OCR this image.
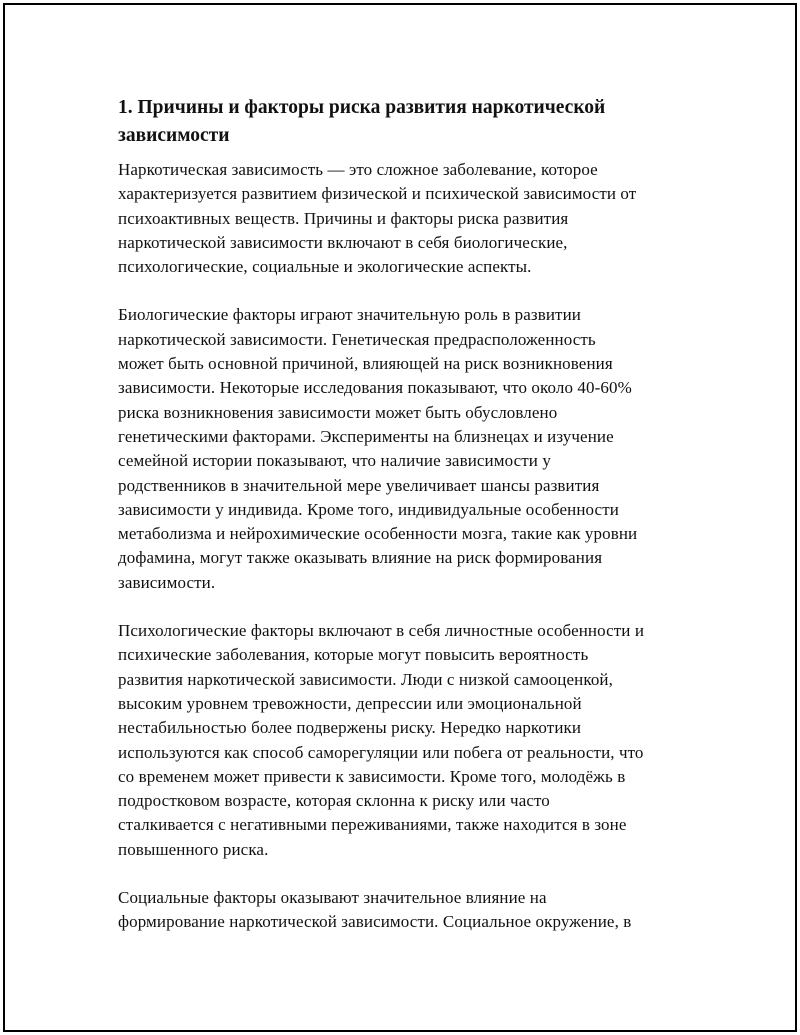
1. Причины и факторы риска развития наркотической
зависимости

Наркотическая зависимость — это сложное заболевание, которое
характеризуется развитием физической и психической зависимости от
психоактивных веществ. Причины и факторы риска развития
наркотической зависимости включают в себя биологические,
психологические, социальные и экологические аспекты.

Биологические факторы играют значительную роль в развитии
наркотической зависимости. Генетическая предрасположенность
может быть основной причиной, влияющей на риск возникновения
зависимости. Некоторые исследования показывают, что около 40-60%
риска возникновения зависимости может быть обусловлено
генетическими факторами. Эксперименты на близнецах и изучение
семейной истории показывают, что наличие зависимости у
родственников в значительной мере увеличивает шансы развития
зависимости у индивида. Кроме того, индивидуальные особенности
метаболизма и нейрохимические особенности мозга, такие как уровни
дофамина, могут также оказывать влияние на риск формирования
зависимости.

Психологические факторы включают в себя личностные особенности и
психические заболевания, которые могут повысить вероятность
развития наркотической зависимости. Люди с низкой самооценкой,
высоким уровнем тревожности, депрессии или эмоциональной
нестабильностью более подвержены риску. Нередко наркотики
используются как способ саморегуляции или побега от реальности, что
со временем может привести к зависимости. Кроме того, молодёжь в
подростковом возрасте, которая склонна к риску или часто
сталкивается с негативными переживаниями, также находится в зоне
повышенного риска.

Социальные факторы оказывают значительное влияние на
формирование наркотической зависимости. Социальное окружение, в
